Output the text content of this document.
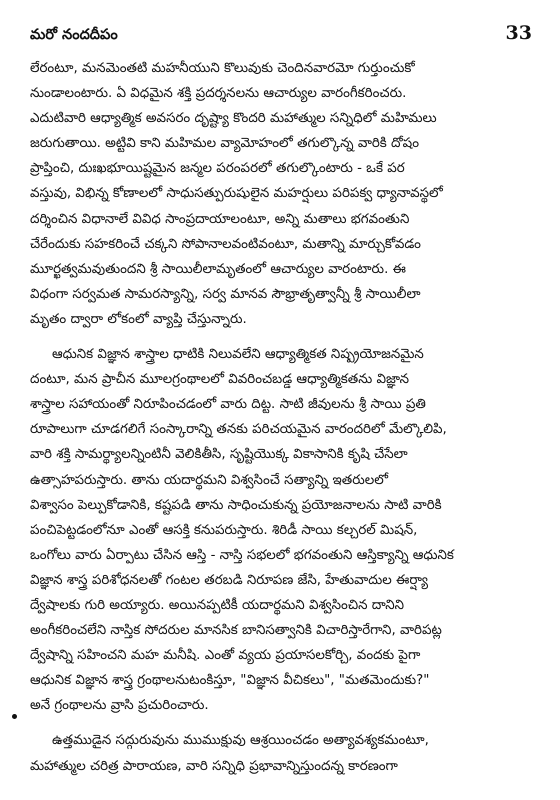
మరో నందదీపం	33
లేరంటూ, మనమెంతటి మహనీయుని కొలువుకు చెందినవారమో గుర్తుంచుకో
నుండాలంటారు. ఏ విధమైన శక్తి ప్రదర్శనలను ఆచార్యుల వారంగీకరించరు.
ఎదుటివారి ఆధ్యాత్మిక అవసరం దృష్ట్యా కొందరి మహాత్ముల సన్నిధిలో మహిమలు
జరుగుతాయి. అట్టివి కాని మహిమల వ్యామోహంలో తగుల్కొన్న వారికి దోషం
ప్రాప్తించి, దుఃఖభూయిష్టమైన జన్మల పరంపరలో తగుల్కొంటారు - ఒకే పర
వస్తువు, విభిన్న కోణాలలో సాధుసత్పురుషులైన మహర్షులు పరిపక్వ ధ్యానావస్థలో
దర్శించిన విధానాలే వివిధ సాంప్రదాయాలంటూ, అన్ని మతాలు భగవంతుని
చేరేందుకు సహకరించే చక్కని సోపానాలవంటివంటూ, మతాన్ని మార్చుకోవడం
మూర్ఖత్వమవుతుందని శ్రీ సాయిలీలామృతంలో ఆచార్యుల వారంటారు. ఈ
విధంగా సర్వమత సామరస్యాన్ని, సర్వ మానవ సౌభ్రాతృత్వాన్నీ శ్రీ సాయిలీలా
మృతం ద్వారా లోకంలో వ్యాప్తి చేస్తున్నారు.
ఆధునిక విజ్ఞాన శాస్త్రాల ధాటికి నిలువలేని ఆధ్యాత్మికత నిష్ప్రయోజనమైన
దంటూ, మన ప్రాచీన మూలగ్రంథాలలో వివరించబడ్డ ఆధ్యాత్మికతను విజ్ఞాన
శాస్త్రాల సహాయంతో నిరూపించడంలో వారు దిట్ట. సాటి జీవులను శ్రీ సాయి ప్రతి
రూపాలుగా చూడగలిగే సంస్కారాన్ని తనకు పరిచయమైన వారందరిలో మేల్కొలిపి,
వారి శక్తి సామర్థ్యాలన్నింటినీ వెలికితీసి, సృష్టియొక్క వికాసానికి కృషి చేసేలా
ఉత్సాహపరుస్తారు. తాను యదార్థమని విశ్వసించే సత్యాన్ని ఇతరులలో
విశ్వాసం పెల్పుకోడానికి, కష్టపడి తాను సాధించుకున్న ప్రయోజనాలను సాటి వారికి
పంచిపెట్టడంలోనూ ఎంతో ఆసక్తి కనుపరుస్తారు. శిరిడీ సాయి కల్చరల్ మిషన్,
ఒంగోలు వారు ఏర్పాటు చేసిన ఆస్తి - నాస్తి సభలలో భగవంతుని ఆస్తిక్యాన్ని ఆధునిక
విజ్ఞాన శాస్త్ర పరిశోధనలతో గంటల తరబడి నిరూపణ జేసి, హేతువాదుల ఈర్ష్యా
ద్వేషాలకు గురి అయ్యారు. అయినప్పటికీ యదార్థమని విశ్వసించిన దానిని
అంగీకరించలేని నాస్తిక సోదరుల మానసిక బానిసత్వానికి విచారిస్తారేగాని, వారిపట్ల
ద్వేషాన్ని సహించని మహ మనీషి. ఎంతో వ్యయ ప్రయాసలకోర్చి, వందకు పైగా
ఆధునిక విజ్ఞాన శాస్త్ర గ్రంథాలనుటంకిస్తూ, "విజ్ఞాన వీచికలు", "మతమెందుకు?"
అనే గ్రంథాలను వ్రాసి ప్రచురించారు.
ఉత్తముడైన సద్గురువును ముముక్షువు ఆశ్రయించడం అత్యావశ్యకమంటూ,
మహాత్ముల చరిత్ర పారాయణ, వారి సన్నిధి ప్రభావాన్నిస్తుందన్న కారణంగా
